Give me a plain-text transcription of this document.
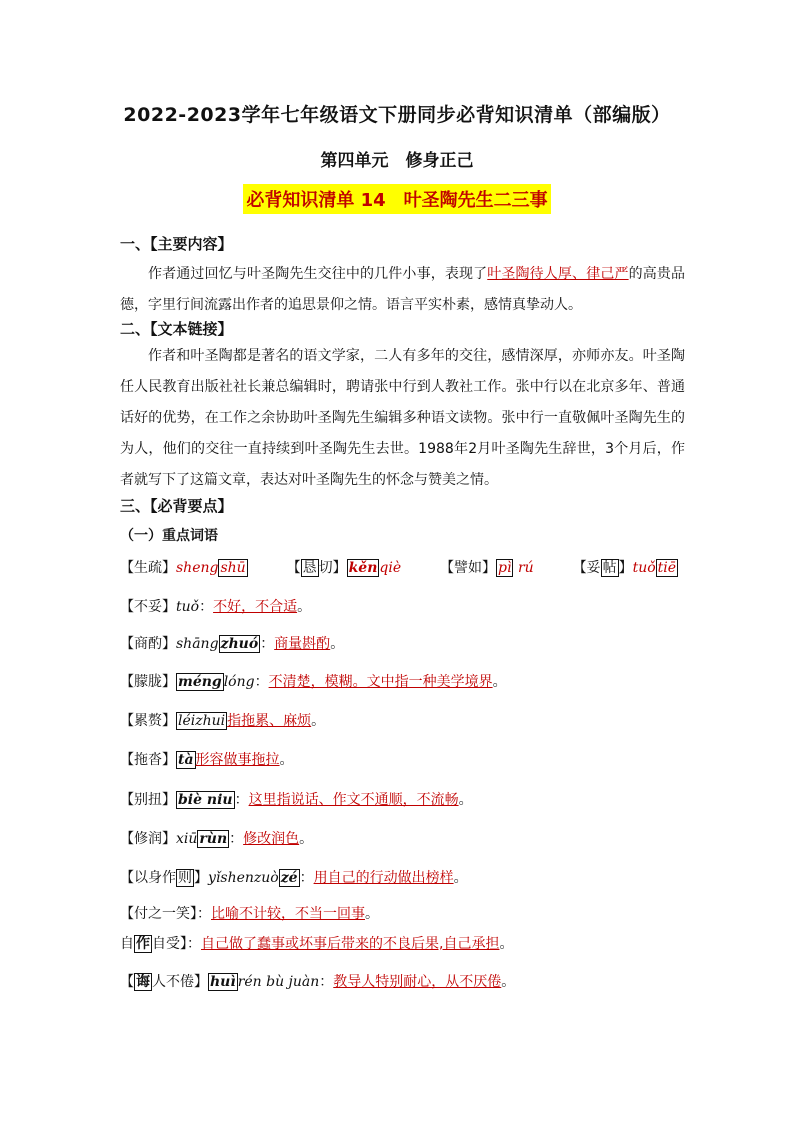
2022-2023学年七年级语文下册同步必背知识清单（部编版）
第四单元　修身正己
必背知识清单 14　叶圣陶先生二三事
一、【主要内容】
作者通过回忆与叶圣陶先生交往中的几件小事，表现了叶圣陶待人厚、律己严的高贵品德，字里行间流露出作者的追思景仰之情。语言平实朴素，感情真挚动人。
二、【文本链接】
作者和叶圣陶都是著名的语文学家，二人有多年的交往，感情深厚，亦师亦友。叶圣陶任人民教育出版社社长兼总编辑时，聘请张中行到人教社工作。张中行以在北京多年、普通话好的优势，在工作之余协助叶圣陶先生编辑多种语文读物。张中行一直敬佩叶圣陶先生的为人，他们的交往一直持续到叶圣陶先生去世。1988年2月叶圣陶先生辞世，3个月后，作者就写下了这篇文章，表达对叶圣陶先生的怀念与赞美之情。
三、【必背要点】
（一）重点词语
【生疏】sheng shū	【 恳 切】 kěn qiè	【譬如】 pì rú	【妥 帖 】tuǒ tiē
【不妥】tuǒ：不好，不合适。
【商酌】shāng zhuó ：商量斟酌。
【朦胧】 méng lóng：不清楚，模糊。文中指一种美学境界。
【累赘】 léizhui 指拖累、麻烦。
【拖沓】 tà 形容做事拖拉。
【别扭】 biè niu ：这里指说话、作文不通顺，不流畅。
【修润】xiū rùn ：修改润色。
【以身作 则 】yǐshenzuò zé ：用自己的行动做出榜样。
【付之一笑】：比喻不计较，不当一回事。
自 作 自受】：自己做了蠢事或坏事后带来的不良后果,自己承担。
【 诲 人不倦】 huì rén bù juàn：教导人特别耐心，从不厌倦。
